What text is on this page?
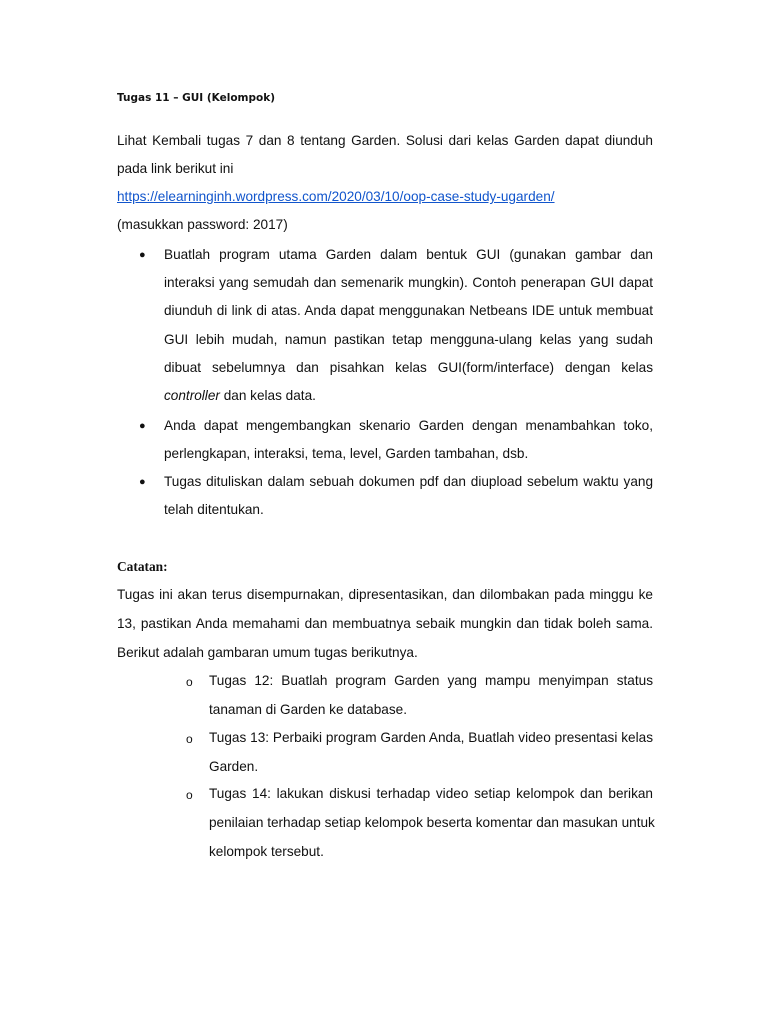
Tugas 11 – GUI (Kelompok)
Lihat Kembali tugas 7 dan 8 tentang Garden. Solusi dari kelas Garden dapat diunduh
pada link berikut ini
https://elearninginh.wordpress.com/2020/03/10/oop-case-study-ugarden/
(masukkan password: 2017)
● Buatlah program utama Garden dalam bentuk GUI (gunakan gambar dan
interaksi yang semudah dan semenarik mungkin). Contoh penerapan GUI dapat
diunduh di link di atas. Anda dapat menggunakan Netbeans IDE untuk membuat
GUI lebih mudah, namun pastikan tetap mengguna-ulang kelas yang sudah
dibuat sebelumnya dan pisahkan kelas GUI(form/interface) dengan kelas
controller dan kelas data.
● Anda dapat mengembangkan skenario Garden dengan menambahkan toko,
perlengkapan, interaksi, tema, level, Garden tambahan, dsb.
● Tugas dituliskan dalam sebuah dokumen pdf dan diupload sebelum waktu yang
telah ditentukan.
Catatan:
Tugas ini akan terus disempurnakan, dipresentasikan, dan dilombakan pada minggu ke
13, pastikan Anda memahami dan membuatnya sebaik mungkin dan tidak boleh sama.
Berikut adalah gambaran umum tugas berikutnya.
o Tugas 12: Buatlah program Garden yang mampu menyimpan status
tanaman di Garden ke database.
o Tugas 13: Perbaiki program Garden Anda, Buatlah video presentasi kelas
Garden.
o Tugas 14: lakukan diskusi terhadap video setiap kelompok dan berikan
penilaian terhadap setiap kelompok beserta komentar dan masukan untuk
kelompok tersebut.
